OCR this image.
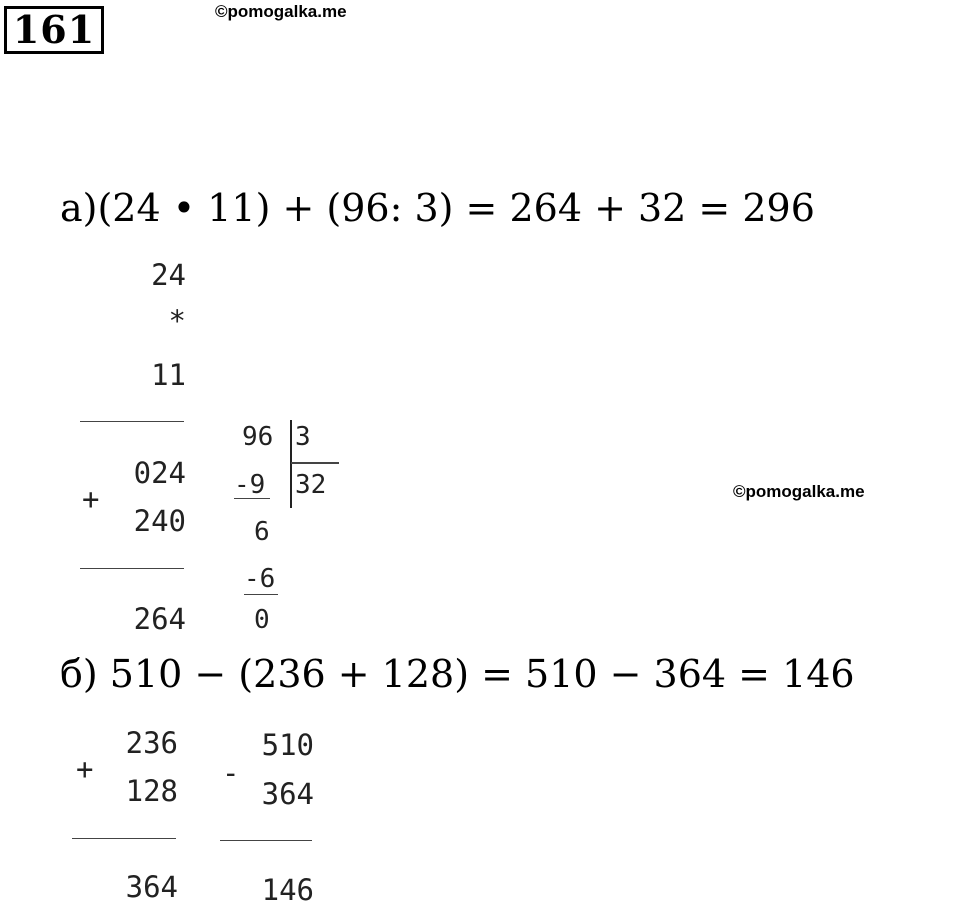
161	©pomogalka.me
а)(24 • 11) + (96: 3) = 264 + 32 = 296
24
*
11
+
024
240
264
96 3
-9 32
6
-6
0
©pomogalka.me
б) 510 − (236 + 128) = 510 − 364 = 146
+
236
128
364
-
510
364
146
